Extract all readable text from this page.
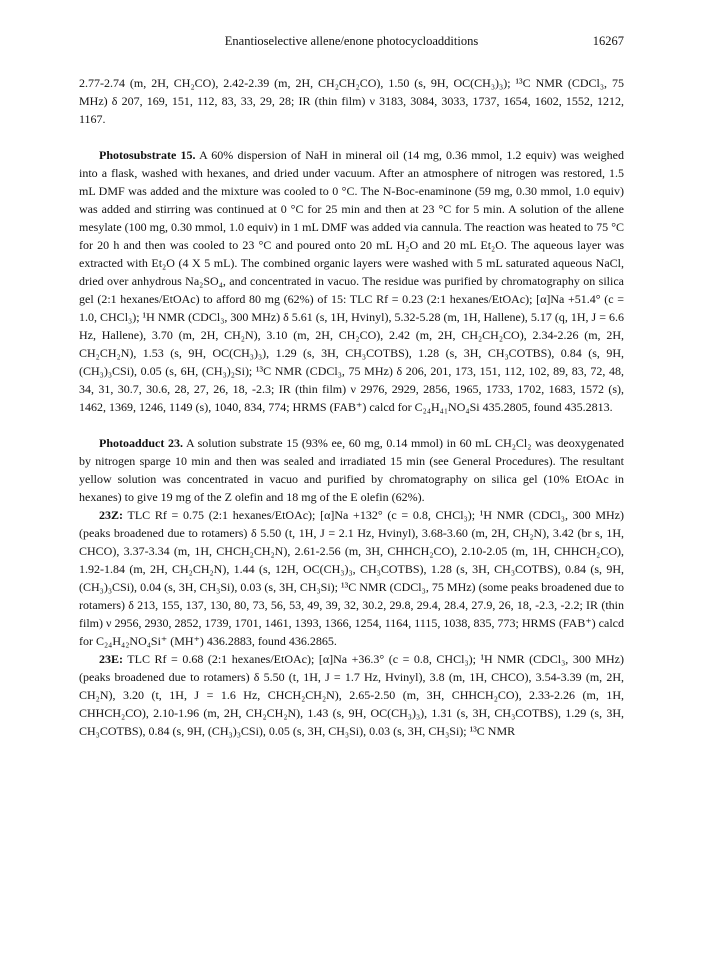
Enantioselective allene/enone photocycloadditions	16267

2.77-2.74 (m, 2H, CH₂CO), 2.42-2.39 (m, 2H, CH₂CH₂CO), 1.50 (s, 9H, OC(CH₃)₃); ¹³C NMR (CDCl₃, 75 MHz) δ 207, 169, 151, 112, 83, 33, 29, 28; IR (thin film) ν 3183, 3084, 3033, 1737, 1654, 1602, 1552, 1212, 1167.

Photosubstrate 15. A 60% dispersion of NaH in mineral oil (14 mg, 0.36 mmol, 1.2 equiv) was weighed into a flask, washed with hexanes, and dried under vacuum. After an atmosphere of nitrogen was restored, 1.5 mL DMF was added and the mixture was cooled to 0 °C. The N-Boc-enaminone (59 mg, 0.30 mmol, 1.0 equiv) was added and stirring was continued at 0 °C for 25 min and then at 23 °C for 5 min. A solution of the allene mesylate (100 mg, 0.30 mmol, 1.0 equiv) in 1 mL DMF was added via cannula. The reaction was heated to 75 °C for 20 h and then was cooled to 23 °C and poured onto 20 mL H₂O and 20 mL Et₂O. The aqueous layer was extracted with Et₂O (4 X 5 mL). The combined organic layers were washed with 5 mL saturated aqueous NaCl, dried over anhydrous Na₂SO₄, and concentrated in vacuo. The residue was purified by chromatography on silica gel (2:1 hexanes/EtOAc) to afford 80 mg (62%) of 15: TLC Rf = 0.23 (2:1 hexanes/EtOAc); [α]Na +51.4° (c = 1.0, CHCl₃); ¹H NMR (CDCl₃, 300 MHz) δ 5.61 (s, 1H, Hvinyl), 5.32-5.28 (m, 1H, Hallene), 5.17 (q, 1H, J = 6.6 Hz, Hallene), 3.70 (m, 2H, CH₂N), 3.10 (m, 2H, CH₂CO), 2.42 (m, 2H, CH₂CH₂CO), 2.34-2.26 (m, 2H, CH₂CH₂N), 1.53 (s, 9H, OC(CH₃)₃), 1.29 (s, 3H, CH₃COTBS), 1.28 (s, 3H, CH₃COTBS), 0.84 (s, 9H, (CH₃)₃CSi), 0.05 (s, 6H, (CH₃)₂Si); ¹³C NMR (CDCl₃, 75 MHz) δ 206, 201, 173, 151, 112, 102, 89, 83, 72, 48, 34, 31, 30.7, 30.6, 28, 27, 26, 18, -2.3; IR (thin film) ν 2976, 2929, 2856, 1965, 1733, 1702, 1683, 1572 (s), 1462, 1369, 1246, 1149 (s), 1040, 834, 774; HRMS (FAB⁺) calcd for C₂₄H₄₁NO₄Si 435.2805, found 435.2813.

Photoadduct 23. A solution substrate 15 (93% ee, 60 mg, 0.14 mmol) in 60 mL CH₂Cl₂ was deoxygenated by nitrogen sparge 10 min and then was sealed and irradiated 15 min (see General Procedures). The resultant yellow solution was concentrated in vacuo and purified by chromatography on silica gel (10% EtOAc in hexanes) to give 19 mg of the Z olefin and 18 mg of the E olefin (62%).

23Z: TLC Rf = 0.75 (2:1 hexanes/EtOAc); [α]Na +132° (c = 0.8, CHCl₃); ¹H NMR (CDCl₃, 300 MHz) (peaks broadened due to rotamers) δ 5.50 (t, 1H, J = 2.1 Hz, Hvinyl), 3.68-3.60 (m, 2H, CH₂N), 3.42 (br s, 1H, CHCO), 3.37-3.34 (m, 1H, CHCH₂CH₂N), 2.61-2.56 (m, 3H, CHHCH₂CO), 2.10-2.05 (m, 1H, CHHCH₂CO), 1.92-1.84 (m, 2H, CH₂CH₂N), 1.44 (s, 12H, OC(CH₃)₃, CH₃COTBS), 1.28 (s, 3H, CH₃COTBS), 0.84 (s, 9H, (CH₃)₃CSi), 0.04 (s, 3H, CH₃Si), 0.03 (s, 3H, CH₃Si); ¹³C NMR (CDCl₃, 75 MHz) (some peaks broadened due to rotamers) δ 213, 155, 137, 130, 80, 73, 56, 53, 49, 39, 32, 30.2, 29.8, 29.4, 28.4, 27.9, 26, 18, -2.3, -2.2; IR (thin film) ν 2956, 2930, 2852, 1739, 1701, 1461, 1393, 1366, 1254, 1164, 1115, 1038, 835, 773; HRMS (FAB⁺) calcd for C₂₄H₄₂NO₄Si⁺ (MH⁺) 436.2883, found 436.2865.

23E: TLC Rf = 0.68 (2:1 hexanes/EtOAc); [α]Na +36.3° (c = 0.8, CHCl₃); ¹H NMR (CDCl₃, 300 MHz) (peaks broadened due to rotamers) δ 5.50 (t, 1H, J = 1.7 Hz, Hvinyl), 3.8 (m, 1H, CHCO), 3.54-3.39 (m, 2H, CH₂N), 3.20 (t, 1H, J = 1.6 Hz, CHCH₂CH₂N), 2.65-2.50 (m, 3H, CHHCH₂CO), 2.33-2.26 (m, 1H, CHHCH₂CO), 2.10-1.96 (m, 2H, CH₂CH₂N), 1.43 (s, 9H, OC(CH₃)₃), 1.31 (s, 3H, CH₃COTBS), 1.29 (s, 3H, CH₃COTBS), 0.84 (s, 9H, (CH₃)₃CSi), 0.05 (s, 3H, CH₃Si), 0.03 (s, 3H, CH₃Si); ¹³C NMR
